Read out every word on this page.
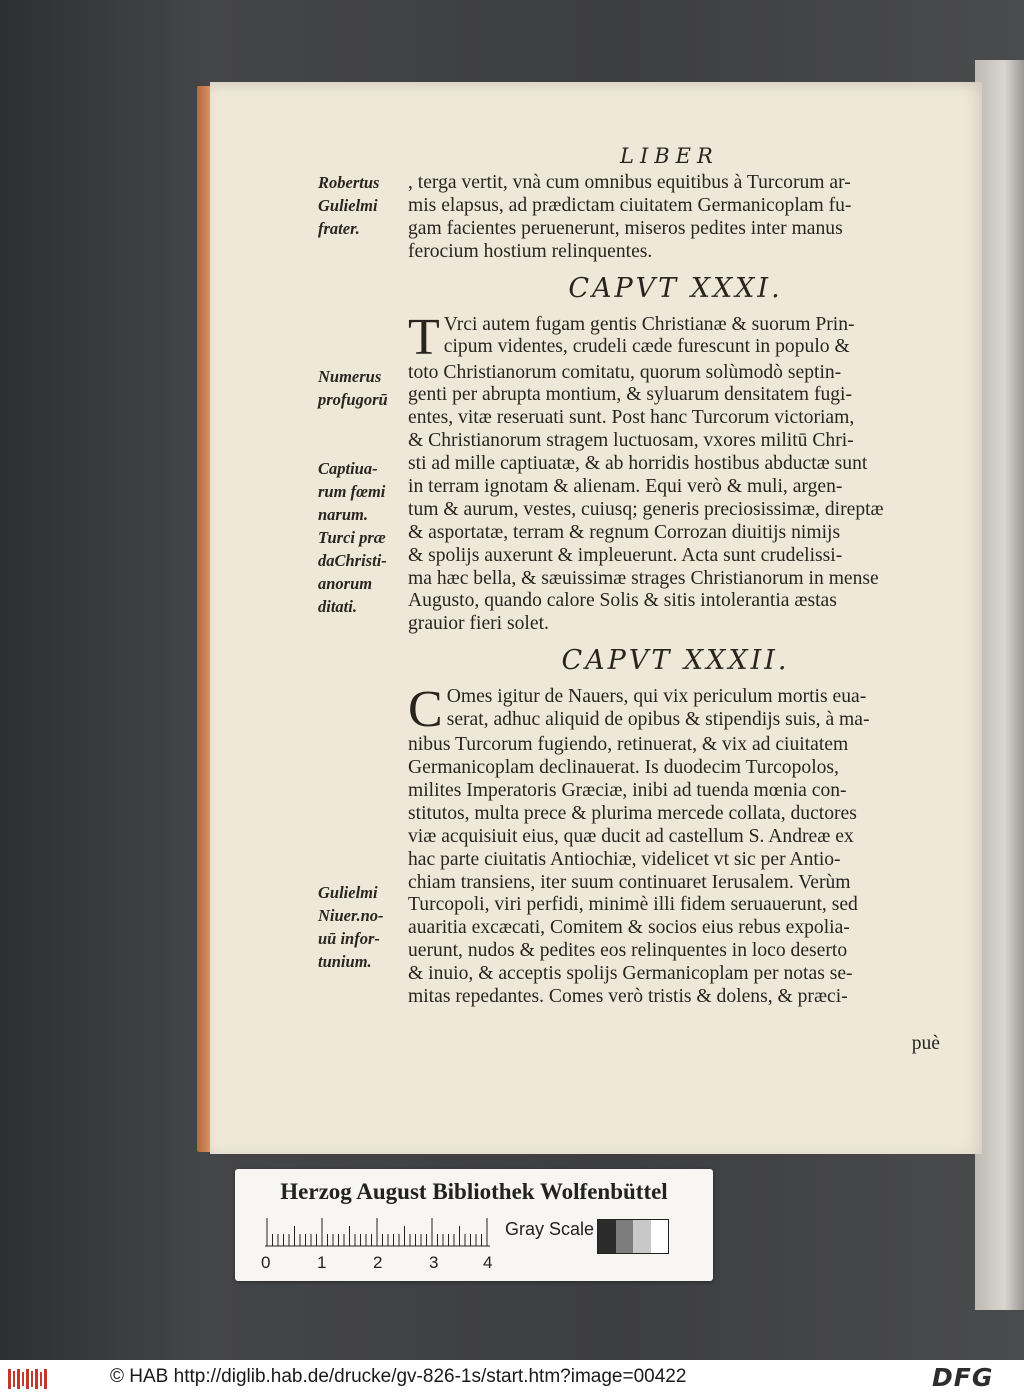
LIBER
Robertus
Gulielmi
frater.
Numerus
profugorū
Captiua-
rum fœmi
narum.
Turci præ
daChristi-
anorum
ditati.
Gulielmi
Niuer.no-
uū infor-
tunium.
, terga vertit, vnà cum omnibus equitibus à Turcorum ar-
mis elapsus, ad prædictam ciuitatem Germanicoplam fu-
gam facientes peruenerunt, miseros pedites inter manus
ferocium hostium relinquentes.
CAPVT XXXI.
T Vrci autem fugam gentis Christianæ & suorum Prin-
cipum videntes, crudeli cæde furescunt in populo &
toto Christianorum comitatu, quorum solùmodò septin-
genti per abrupta montium, & syluarum densitatem fugi-
entes, vitæ reseruati sunt. Post hanc Turcorum victoriam,
& Christianorum stragem luctuosam, vxores militū Chri-
sti ad mille captiuatæ, & ab horridis hostibus abductæ sunt
in terram ignotam & alienam. Equi verò & muli, argen-
tum & aurum, vestes, cuiusq; generis preciosissimæ, direptæ
& asportatæ, terram & regnum Corrozan diuitijs nimijs
& spolijs auxerunt & impleuerunt. Acta sunt crudelissi-
ma hæc bella, & sæuissimæ strages Christianorum in mense
Augusto, quando calore Solis & sitis intolerantia æstas
grauior fieri solet.
CAPVT XXXII.
C Omes igitur de Nauers, qui vix periculum mortis eua-
serat, adhuc aliquid de opibus & stipendijs suis, à ma-
nibus Turcorum fugiendo, retinuerat, & vix ad ciuitatem
Germanicoplam declinauerat. Is duodecim Turcopolos,
milites Imperatoris Græciæ, inibi ad tuenda mœnia con-
stitutos, multa prece & plurima mercede collata, ductores
viæ acquisiuit eius, quæ ducit ad castellum S. Andreæ ex
hac parte ciuitatis Antiochiæ, videlicet vt sic per Antio-
chiam transiens, iter suum continuaret Ierusalem. Verùm
Turcopoli, viri perfidi, minimè illi fidem seruauerunt, sed
auaritia excæcati, Comitem & socios eius rebus expolia-
uerunt, nudos & pedites eos relinquentes in loco deserto
& inuio, & acceptis spolijs Germanicoplam per notas se-
mitas repedantes. Comes verò tristis & dolens, & præci-
puè
Herzog August Bibliothek Wolfenbüttel
0	1	2	3	4
Gray Scale
© HAB http://diglib.hab.de/drucke/gv-826-1s/start.htm?image=00422	DFG
